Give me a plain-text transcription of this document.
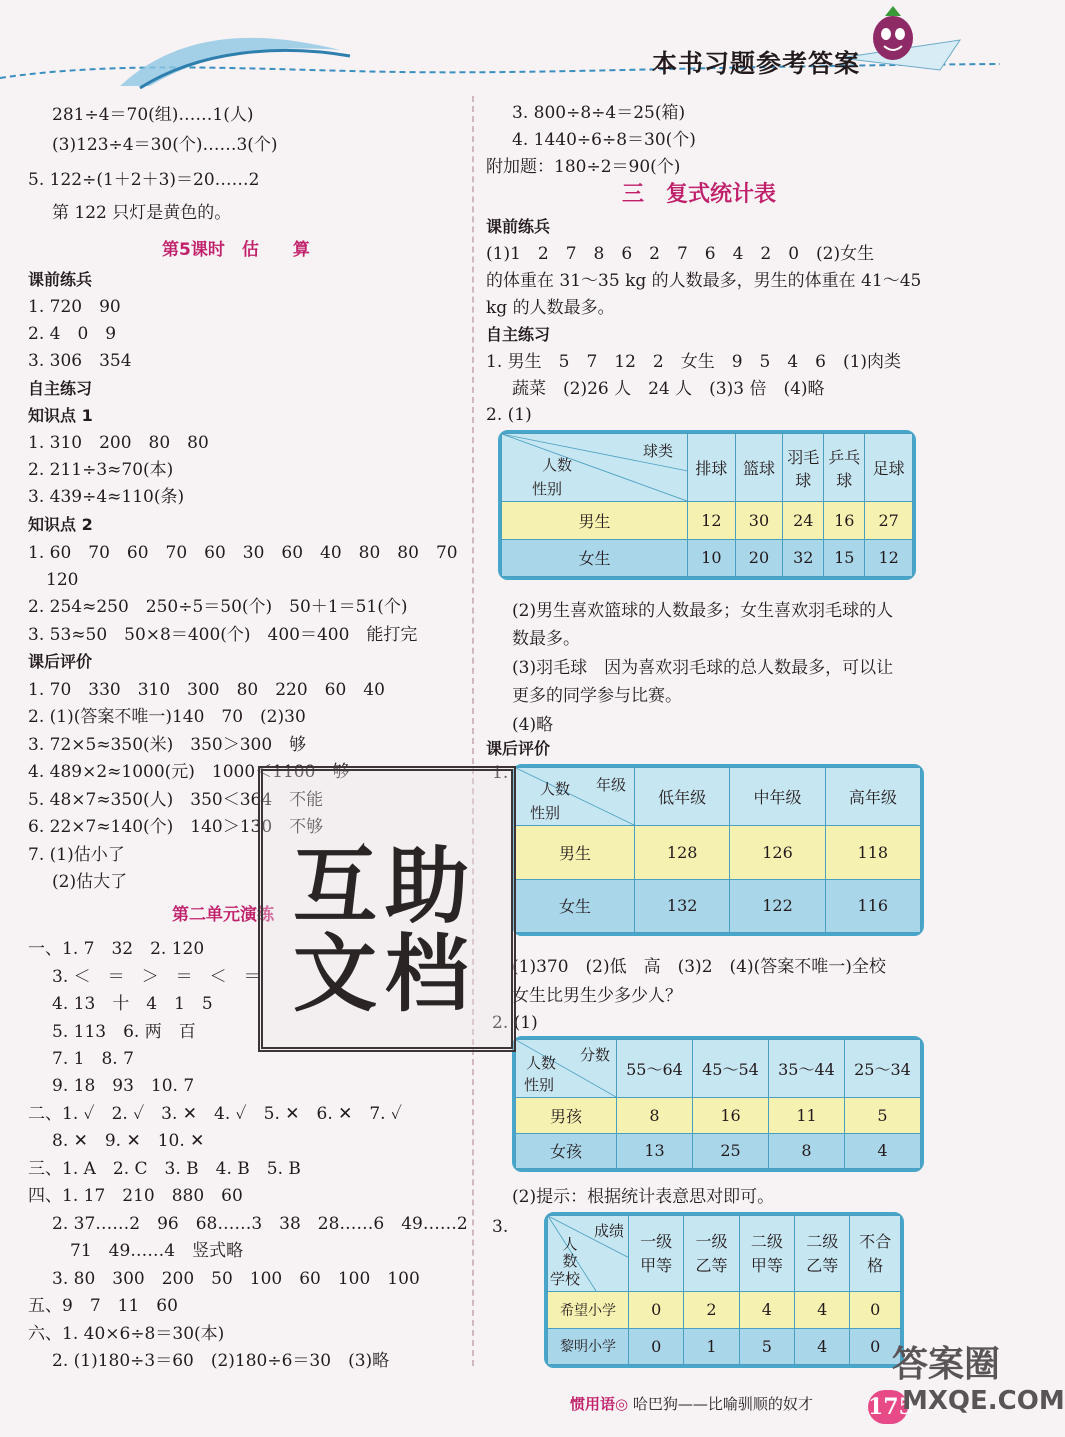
本书习题参考答案
281÷4＝70(组)……1(人)
(3)123÷4＝30(个)……3(个)
5. 122÷(1＋2＋3)＝20……2
第 122 只灯是黄色的。
第5课时　估　　算
课前练兵
1. 720　90
2. 4　0　9
3. 306　354
自主练习
知识点 1
1. 310　200　80　80
2. 211÷3≈70(本)
3. 439÷4≈110(条)
知识点 2
1. 60　70　60　70　60　30　60　40　80　80　70
120
2. 254≈250　250÷5＝50(个)　50＋1＝51(个)
3. 53≈50　50×8＝400(个)　400＝400　能打完
课后评价
1. 70　330　310　300　80　220　60　40
2. (1)(答案不唯一)140　70　(2)30
3. 72×5≈350(米)　350＞300　够
4. 489×2≈1000(元)　1000＜1100　够
5. 48×7≈350(人)　350＜364　不能
6. 22×7≈140(个)　140＞130　不够
7. (1)估小了
(2)估大了
第二单元演练
一、1. 7　32　2. 120
3. ＜　＝　＞　＝　＜　＝
4. 13　十　4　1　5
5. 113　6. 两　百
7. 1　8. 7
9. 18　93　10. 7
二、1. ✓　2. ✓　3. ✕　4. ✓　5. ✕　6. ✕　7. ✓
8. ✕　9. ✕　10. ✕
三、1. A　2. C　3. B　4. B　5. B
四、1. 17　210　880　60
2. 37……2　96　68……3　38　28……6　49……2
71　49……4　竖式略
3. 80　300　200　50　100　60　100　100
五、9　7　11　60
六、1. 40×6÷8＝30(本)
2. (1)180÷3＝60　(2)180÷6＝30　(3)略
3. 800÷8÷4＝25(箱)
4. 1440÷6÷8＝30(个)
附加题：180÷2＝90(个)
三　复式统计表
课前练兵
(1)1　2　7　8　6　2　7　6　4　2　0　(2)女生
的体重在 31～35 kg 的人数最多，男生的体重在 41～45
kg 的人数最多。
自主练习
1. 男生　5　7　12　2　女生　9　5　4　6　(1)肉类
蔬菜　(2)26 人　24 人　(3)3 倍　(4)略
2. (1)
(2)男生喜欢篮球的人数最多；女生喜欢羽毛球的人
数最多。
(3)羽毛球　因为喜欢羽毛球的总人数最多，可以让
更多的同学参与比赛。
(4)略
课后评价
1.
(1)370　(2)低　高　(3)2　(4)(答案不唯一)全校
女生比男生少多少人？
2. (1)
(2)提示：根据统计表意思对即可。
3.
球类
人数
性别	排球	篮球	羽毛球	乒乓球	足球
男生	12	30	24	16	27
女生	10	20	32	15	12
年级
人数
性别	低年级	中年级	高年级
男生	128	126	118
女生	132	122	116
分数
人数
性别	55～64	45～54	35～44	25～34
男孩	8	16	11	5
女孩	13	25	8	4
成绩
人数
学校	一级甲等	一级乙等	二级甲等	二级乙等	不合格
希望小学	0	2	4	4	0
黎明小学	0	1	5	4	0
互助
文档
惯用语◎ 哈巴狗——比喻驯顺的奴才	175
答案圈
MXQE.COM
